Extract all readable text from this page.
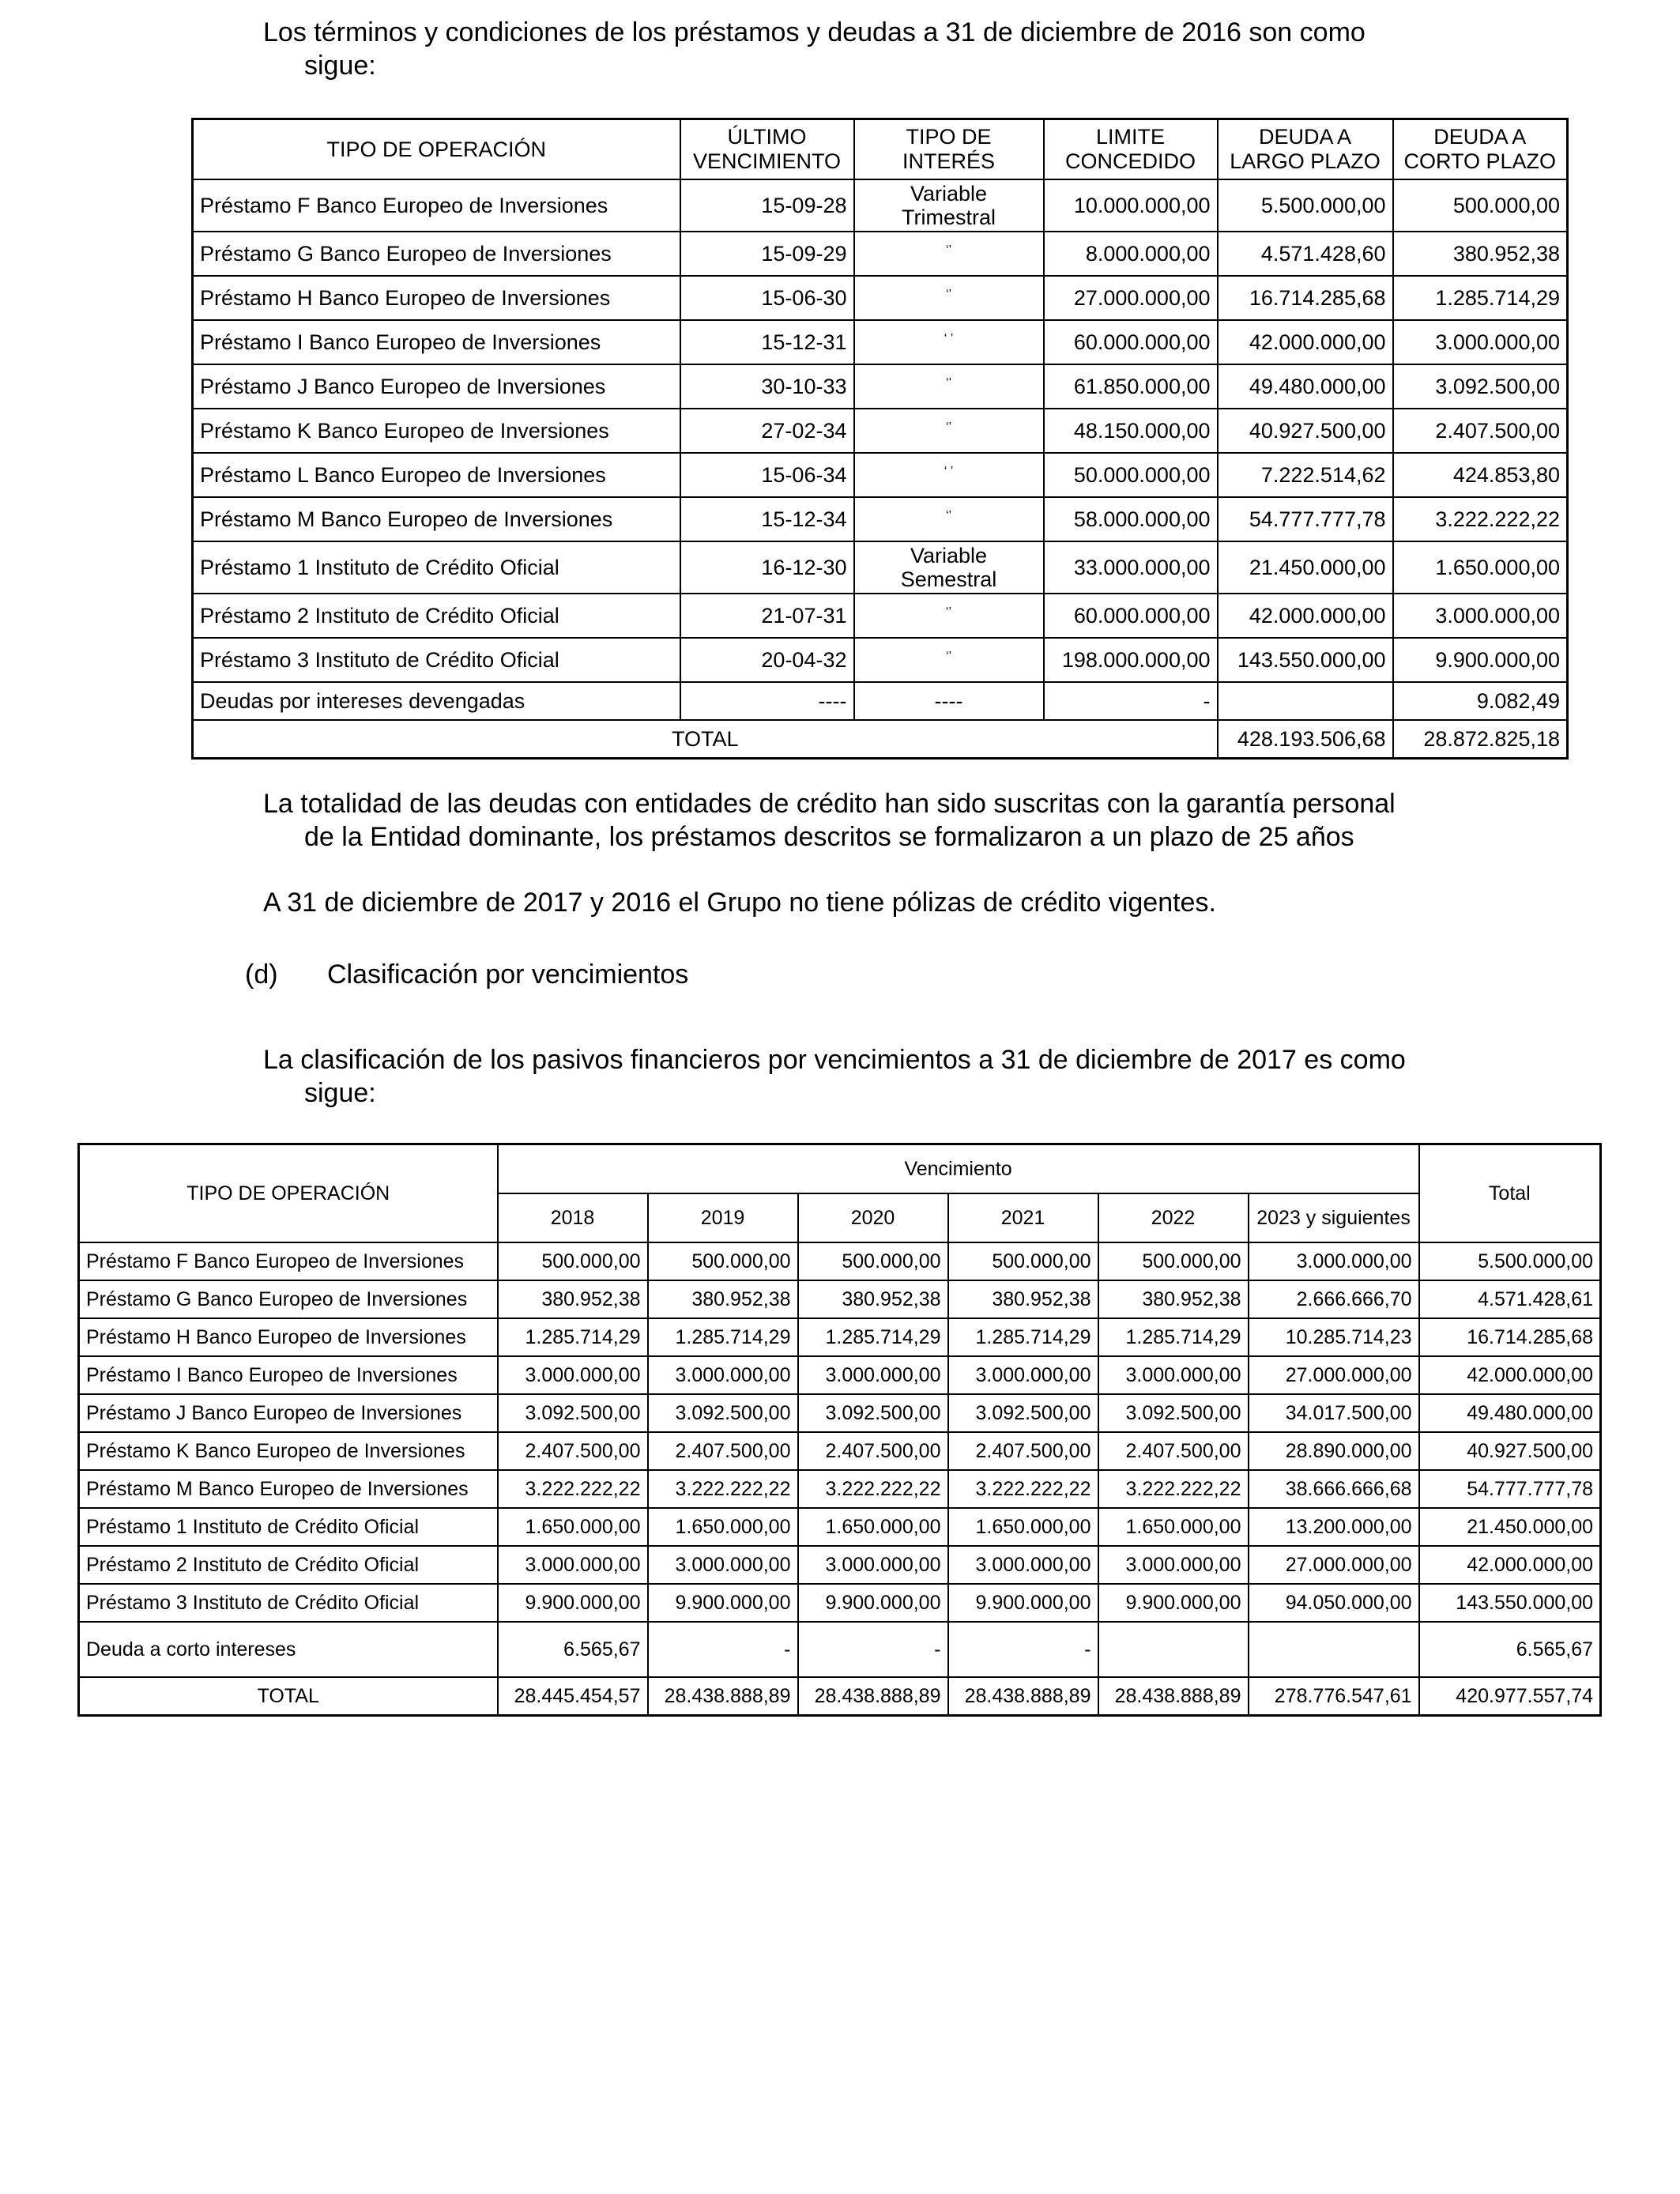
Los términos y condiciones de los préstamos y deudas a 31 de diciembre de 2016 son como
sigue:
TIPO DE OPERACIÓN	ÚLTIMO VENCIMIENTO	TIPO DE INTERÉS	LIMITE CONCEDIDO	DEUDA A LARGO PLAZO	DEUDA A CORTO PLAZO
Préstamo F Banco Europeo de Inversiones	15-09-28	Variable Trimestral	10.000.000,00	5.500.000,00	500.000,00
Préstamo G Banco Europeo de Inversiones	15-09-29	‘’	8.000.000,00	4.571.428,60	380.952,38
Préstamo H Banco Europeo de Inversiones	15-06-30	‘’	27.000.000,00	16.714.285,68	1.285.714,29
Préstamo I Banco Europeo de Inversiones	15-12-31	‘ ’	60.000.000,00	42.000.000,00	3.000.000,00
Préstamo J Banco Europeo de Inversiones	30-10-33	‘’	61.850.000,00	49.480.000,00	3.092.500,00
Préstamo K Banco Europeo de Inversiones	27-02-34	‘’	48.150.000,00	40.927.500,00	2.407.500,00
Préstamo L Banco Europeo de Inversiones	15-06-34	‘ ’	50.000.000,00	7.222.514,62	424.853,80
Préstamo M Banco Europeo de Inversiones	15-12-34	‘’	58.000.000,00	54.777.777,78	3.222.222,22
Préstamo 1 Instituto de Crédito Oficial	16-12-30	Variable Semestral	33.000.000,00	21.450.000,00	1.650.000,00
Préstamo 2 Instituto de Crédito Oficial	21-07-31	‘’	60.000.000,00	42.000.000,00	3.000.000,00
Préstamo 3 Instituto de Crédito Oficial	20-04-32	‘’	198.000.000,00	143.550.000,00	9.900.000,00
Deudas por intereses devengadas	----	----	-		9.082,49
TOTAL				428.193.506,68	28.872.825,18
La totalidad de las deudas con entidades de crédito han sido suscritas con la garantía personal
de la Entidad dominante, los préstamos descritos se formalizaron a un plazo de 25 años
A 31 de diciembre de 2017 y 2016 el Grupo no tiene pólizas de crédito vigentes.
(d) Clasificación por vencimientos
La clasificación de los pasivos financieros por vencimientos a 31 de diciembre de 2017 es como
sigue:
TIPO DE OPERACIÓN	Vencimiento						Total
	2018	2019	2020	2021	2022	2023 y siguientes	
Préstamo F Banco Europeo de Inversiones	500.000,00	500.000,00	500.000,00	500.000,00	500.000,00	3.000.000,00	5.500.000,00
Préstamo G Banco Europeo de Inversiones	380.952,38	380.952,38	380.952,38	380.952,38	380.952,38	2.666.666,70	4.571.428,61
Préstamo H Banco Europeo de Inversiones	1.285.714,29	1.285.714,29	1.285.714,29	1.285.714,29	1.285.714,29	10.285.714,23	16.714.285,68
Préstamo I Banco Europeo de Inversiones	3.000.000,00	3.000.000,00	3.000.000,00	3.000.000,00	3.000.000,00	27.000.000,00	42.000.000,00
Préstamo J Banco Europeo de Inversiones	3.092.500,00	3.092.500,00	3.092.500,00	3.092.500,00	3.092.500,00	34.017.500,00	49.480.000,00
Préstamo K Banco Europeo de Inversiones	2.407.500,00	2.407.500,00	2.407.500,00	2.407.500,00	2.407.500,00	28.890.000,00	40.927.500,00
Préstamo M Banco Europeo de Inversiones	3.222.222,22	3.222.222,22	3.222.222,22	3.222.222,22	3.222.222,22	38.666.666,68	54.777.777,78
Préstamo 1 Instituto de Crédito Oficial	1.650.000,00	1.650.000,00	1.650.000,00	1.650.000,00	1.650.000,00	13.200.000,00	21.450.000,00
Préstamo 2 Instituto de Crédito Oficial	3.000.000,00	3.000.000,00	3.000.000,00	3.000.000,00	3.000.000,00	27.000.000,00	42.000.000,00
Préstamo 3 Instituto de Crédito Oficial	9.900.000,00	9.900.000,00	9.900.000,00	9.900.000,00	9.900.000,00	94.050.000,00	143.550.000,00
Deuda a corto intereses	6.565,67	-	-	-			6.565,67
TOTAL	28.445.454,57	28.438.888,89	28.438.888,89	28.438.888,89	28.438.888,89	278.776.547,61	420.977.557,74
